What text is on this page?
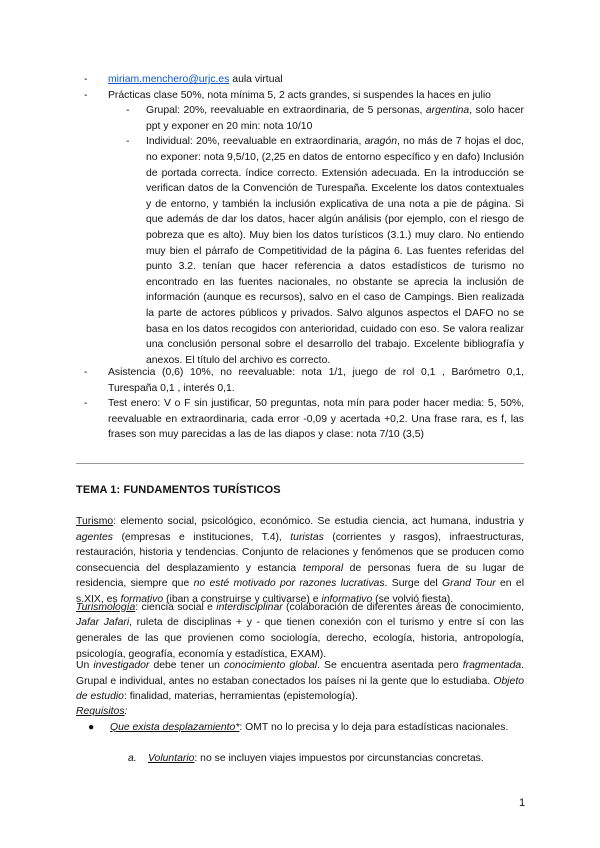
- miriam.menchero@urjc.es aula virtual
- Prácticas clase 50%, nota mínima 5, 2 acts grandes, si suspendes la haces en julio
- Grupal: 20%, reevaluable en extraordinaria, de 5 personas, argentina, solo hacer ppt y exponer en 20 min: nota 10/10
- Individual: 20%, reevaluable en extraordinaria, aragón, no más de 7 hojas el doc, no exponer: nota 9,5/10, (2,25 en datos de entorno específico y en dafo) Inclusión de portada correcta. índice correcto. Extensión adecuada. En la introducción se verifican datos de la Convención de Turespaña. Excelente los datos contextuales y de entorno, y también la inclusión explicativa de una nota a pie de página. Si que además de dar los datos, hacer algún análisis (por ejemplo, con el riesgo de pobreza que es alto). Muy bien los datos turísticos (3.1.) muy claro. No entiendo muy bien el párrafo de Competitividad de la página 6. Las fuentes referidas del punto 3.2. tenían que hacer referencia a datos estadísticos de turismo no encontrado en las fuentes nacionales, no obstante se aprecia la inclusión de información (aunque es recursos), salvo en el caso de Campings. Bien realizada la parte de actores públicos y privados. Salvo algunos aspectos el DAFO no se basa en los datos recogidos con anterioridad, cuidado con eso. Se valora realizar una conclusión personal sobre el desarrollo del trabajo. Excelente bibliografía y anexos. El título del archivo es correcto.
- Asistencia (0,6) 10%, no reevaluable: nota 1/1, juego de rol 0,1 , Barómetro 0,1, Turespaña 0,1 , interés 0,1.
- Test enero: V o F sin justificar, 50 preguntas, nota mín para poder hacer media: 5, 50%, reevaluable en extraordinaria, cada error -0,09 y acertada +0,2. Una frase rara, es f, las frases son muy parecidas a las de las diapos y clase: nota 7/10 (3,5)
TEMA 1: FUNDAMENTOS TURÍSTICOS
Turismo: elemento social, psicológico, económico. Se estudia ciencia, act humana, industria y agentes (empresas e instituciones, T.4), turistas (corrientes y rasgos), infraestructuras, restauración, historia y tendencias. Conjunto de relaciones y fenómenos que se producen como consecuencia del desplazamiento y estancia temporal de personas fuera de su lugar de residencia, siempre que no esté motivado por razones lucrativas. Surge del Grand Tour en el s.XIX, es formativo (iban a construirse y cultivarse) e informativo (se volvió fiesta).
Turismología: ciencia social e interdisciplinar (colaboración de diferentes áreas de conocimiento, Jafar Jafari, ruleta de disciplinas + y - que tienen conexión con el turismo y entre sí con las generales de las que provienen como sociología, derecho, ecología, historia, antropología, psicología, geografía, economía y estadística, EXAM).
Un investigador debe tener un conocimiento global. Se encuentra asentada pero fragmentada. Grupal e individual, antes no estaban conectados los países ni la gente que lo estudiaba. Objeto de estudio: finalidad, materias, herramientas (epistemología).
Requisitos:
● Que exista desplazamiento*: OMT no lo precisa y lo deja para estadísticas nacionales.
a. Voluntario: no se incluyen viajes impuestos por circunstancias concretas.
1
